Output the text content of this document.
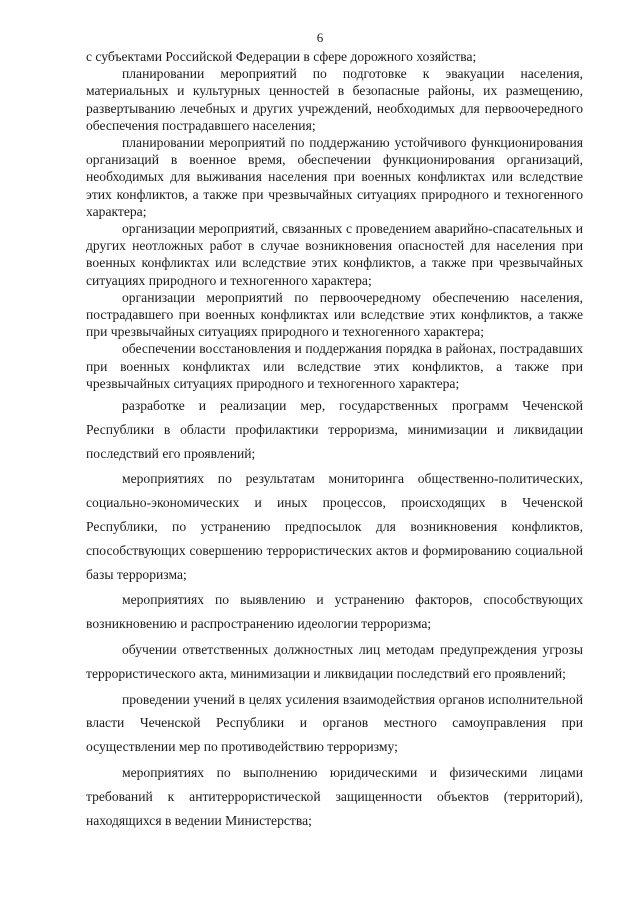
6

с субъектами Российской Федерации в сфере дорожного хозяйства;

планировании мероприятий по подготовке к эвакуации населения, материальных и культурных ценностей в безопасные районы, их размещению, развертыванию лечебных и других учреждений, необходимых для первоочередного обеспечения пострадавшего населения;

планировании мероприятий по поддержанию устойчивого функционирования организаций в военное время, обеспечении функционирования организаций, необходимых для выживания населения при военных конфликтах или вследствие этих конфликтов, а также при чрезвычайных ситуациях природного и техногенного характера;

организации мероприятий, связанных с проведением аварийно-спасательных и других неотложных работ в случае возникновения опасностей для населения при военных конфликтах или вследствие этих конфликтов, а также при чрезвычайных ситуациях природного и техногенного характера;

организации мероприятий по первоочередному обеспечению населения, пострадавшего при военных конфликтах или вследствие этих конфликтов, а также при чрезвычайных ситуациях природного и техногенного характера;

обеспечении восстановления и поддержания порядка в районах, пострадавших при военных конфликтах или вследствие этих конфликтов, а также при чрезвычайных ситуациях природного и техногенного характера;

разработке и реализации мер, государственных программ Чеченской Республики в области профилактики терроризма, минимизации и ликвидации последствий его проявлений;

мероприятиях по результатам мониторинга общественно-политических, социально-экономических и иных процессов, происходящих в Чеченской Республики, по устранению предпосылок для возникновения конфликтов, способствующих совершению террористических актов и формированию социальной базы терроризма;

мероприятиях по выявлению и устранению факторов, способствующих возникновению и распространению идеологии терроризма;

обучении ответственных должностных лиц методам предупреждения угрозы террористического акта, минимизации и ликвидации последствий его проявлений;

проведении учений в целях усиления взаимодействия органов исполнительной власти Чеченской Республики и органов местного самоуправления при осуществлении мер по противодействию терроризму;

мероприятиях по выполнению юридическими и физическими лицами требований к антитеррористической защищенности объектов (территорий), находящихся в ведении Министерства;
